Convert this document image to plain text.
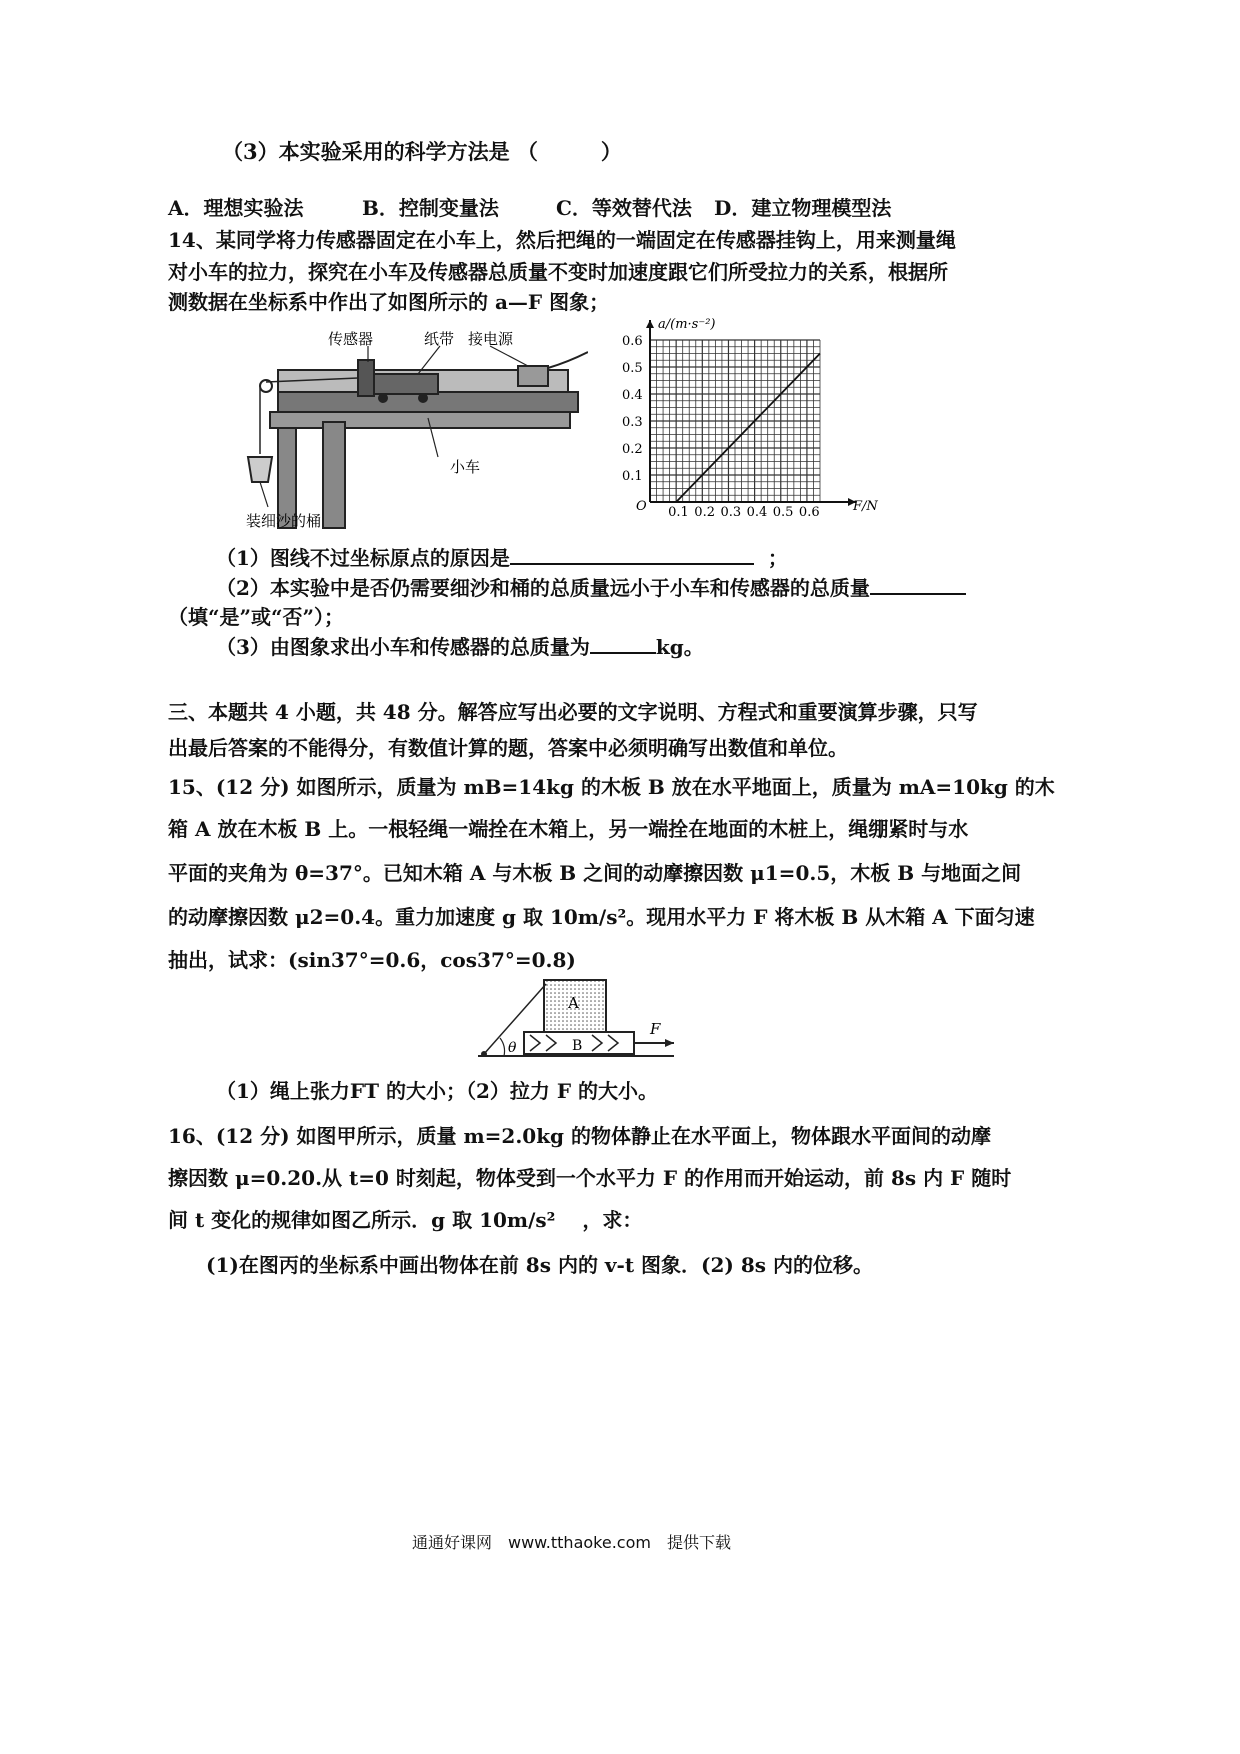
（3）本实验采用的科学方法是 （　　　）
A．理想实验法	B．控制变量法	C．等效替代法 D．建立物理模型法
14、某同学将力传感器固定在小车上，然后把绳的一端固定在传感器挂钩上，用来测量绳
对小车的拉力，探究在小车及传感器总质量不变时加速度跟它们所受拉力的关系，根据所
测数据在坐标系中作出了如图所示的 a—F 图象；
传感器	纸带 接电源
小车
装细沙的桶	0.1 0.2 0.3 0.4 0.5 0.6
0.1
0.2
0.3
0.4
0.5
0.6
a/(m·s⁻²)
F/N
O
（1）图线不过坐标原点的原因是	；
（2）本实验中是否仍需要细沙和桶的总质量远小于小车和传感器的总质量
（填“是”或“否”）；
（3）由图象求出小车和传感器的总质量为	kg。
三、本题共 4 小题，共 48 分。解答应写出必要的文字说明、方程式和重要演算步骤，只写
出最后答案的不能得分，有数值计算的题，答案中必须明确写出数值和单位。
15、(12 分) 如图所示，质量为 mB=14kg 的木板 B 放在水平地面上，质量为 mA=10kg 的木
箱 A 放在木板 B 上。一根轻绳一端拴在木箱上，另一端拴在地面的木桩上，绳绷紧时与水
平面的夹角为 θ=37°。已知木箱 A 与木板 B 之间的动摩擦因数 μ1=0.5，木板 B 与地面之间
的动摩擦因数 μ2=0.4。重力加速度 g 取 10m/s²。现用水平力 F 将木板 B 从木箱 A 下面匀速
抽出，试求：(sin37°=0.6，cos37°=0.8)
A
B
θ
F
（1）绳上张力FT 的大小；（2）拉力 F 的大小。
16、(12 分) 如图甲所示，质量 m=2.0kg 的物体静止在水平面上，物体跟水平面间的动摩
擦因数 μ=0.20.从 t=0 时刻起，物体受到一个水平力 F 的作用而开始运动，前 8s 内 F 随时
间 t 变化的规律如图乙所示．g 取 10m/s²　 ，求：
(1)在图丙的坐标系中画出物体在前 8s 内的 v-t 图象．(2) 8s 内的位移。
通通好课网　www.tthaoke.com　提供下载
